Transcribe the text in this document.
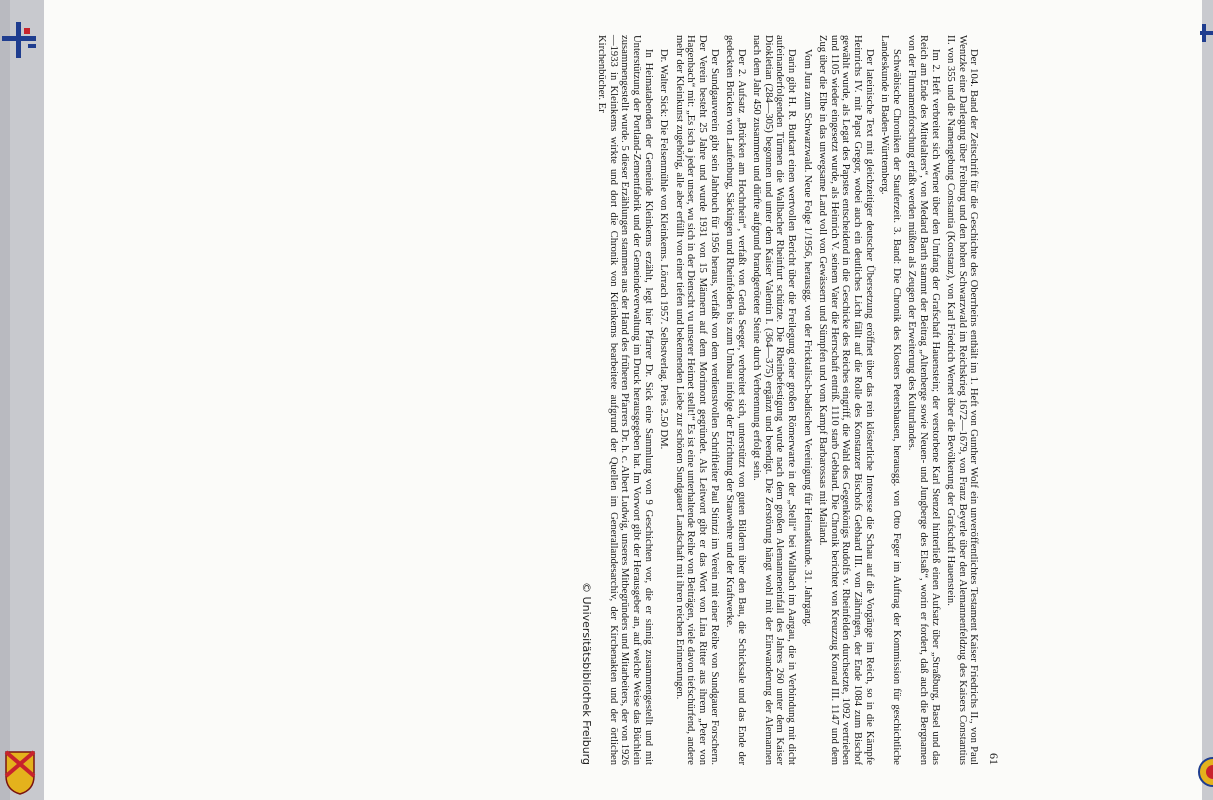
61

Der 104. Band der Zeitschrift für die Geschichte des Oberrheins enthält im 1. Heft von Gunther Wolf ein unveröffentlichtes Testament Kaiser Friedrichs II., von Paul Wentzke eine Darlegung über Freiburg und den hohen Schwarzwald im Reichskrieg 1672—1679, von Franz Beyerle über den Alemannenfeldzug des Kaisers Constantius II. von 355 und die Namengebung Constantia (Konstanz), von Karl Friedrich Wernet über die Bevölkerung der Grafschaft Hauenstein.

Im 2. Heft verbreitet sich Wernet über den Umfang der Grafschaft Hauenstein; der verstorbene Karl Stenzel hinterließ einen Aufsatz über „Straßburg, Basel und das Reich am Ende des Mittelalters“, von Medard Barth stammt der Beitrag „Altenberge sowie Neuen- und Jungberge des Elsaß“, worin er fordert, daß auch die Bergnamen von der Flurnamenforschung erfaßt werden müßten als Zeugen der Erweiterung des Kulturlandes.

Schwäbische Chroniken der Stauferzeit. 3. Band: Die Chronik des Klosters Petershausen, herausgg. von Otto Feger im Auftrag der Kommission für geschichtliche Landeskunde in Baden-Württemberg.

Der lateinische Text mit gleichzeitiger deutscher Übersetzung eröffnet über das rein klösterliche Interesse die Schau auf die Vorgänge im Reich, so in die Kämpfe Heinrichs IV. mit Papst Gregor, wobei auch ein deutliches Licht fällt auf die Rolle des Konstanzer Bischofs Gebhard III. von Zähringen, der Ende 1084 zum Bischof gewählt wurde, als Legat des Papstes entscheidend in die Geschicke des Reiches eingriff, die Wahl des Gegenkönigs Rudolfs v. Rheinfelden durchsetzte, 1092 vertrieben und 1105 wieder eingesetzt wurde, als Heinrich V. seinem Vater die Herrschaft entriß. 1110 starb Gebhard. Die Chronik berichtet von Kreuzzug Konrad III. 1147 und dem Zug über die Elbe in das unwegsame Land voll von Gewässern und Sümpfen und vom Kampf Barbarossas mit Mailand.

Vom Jura zum Schwarzwald. Neue Folge 1/1956, herausgg. von der Fricktalisch-badischen Vereinigung für Heimatkunde. 31. Jahrgang.

Darin gibt H. R. Burkart einen wertvollen Bericht über die Freilegung einer großen Römerwarte in der „Stelli“ bei Wallbach im Aargau, die in Verbindung mit dicht aufeinanderfolgenden Türmen die Wallbacher Rheinfurt schützte. Die Rheinbefestigung wurde nach dem großen Alemanneneinfall des Jahres 260 unter dem Kaiser Diokletian (284—305) begonnen und unter dem Kaiser Valentin I. (364—375) ergänzt und beendigt. Die Zerstörung hängt wohl mit der Einwanderung der Alemannen nach dem Jahr 450 zusammen und dürfte aufgrund brandgeröteter Steine durch Verbrennung erfolgt sein.

Der 2. Aufsatz „Brücken am Hochrhein“, verfaßt von Gerda Seeger, verbreitet sich, unterstützt von guten Bildern über den Bau, die Schicksale und das Ende der gedeckten Brücken von Laufenburg, Säckingen und Rheinfelden bis zum Umbau infolge der Errichtung der Stauwehre und der Kraftwerke.

Der Sundgauverein gibt sein Jahrbuch für 1956 heraus, verfaßt von dem verdienstvollen Schriftleiter Paul Stintzi im Verein mit einer Reihe von Sundgauer Forschern. Der Verein besteht 25 Jahre und wurde 1931 von 15 Männern auf dem Morimont gegründet. Als Leitwort gibt er das Wort von Lina Ritter aus ihrem „Peter von Hagenbach“ mit: „Es isch a jeder unser, wu sich in der Dienscht vu unserer Heimet stellt!“ Es ist eine unterhaltende Reihe von Beiträgen, viele davon tiefschürfend, andere mehr der Kleinkunst zugehörig, alle aber erfüllt von einer tiefen und bekennenden Liebe zur schönen Sundgauer Landschaft mit ihren reichen Erinnerungen.

Dr. Walter Sick: Die Felsenmühle von Kleinkems. Lörrach 1957. Selbstverlag. Preis 2.50 DM.

In Heimatabenden der Gemeinde Kleinkems erzählt, legt hier Pfarrer Dr. Sick eine Sammlung von 9 Geschichten vor, die er sinnig zusammengestellt und mit Unterstützung der Portland-Zementfabrik und der Gemeindeverwaltung im Druck herausgegeben hat. Im Vorwort gibt der Herausgeber an, auf welche Weise das Büchlein zusammengestellt wurde. 5 dieser Erzählungen stammen aus der Hand des früheren Pfarrers Dr. h. c. Albert Ludwig, unseres Mitbegründers und Mitarbeiters, der von 1926—1933 in Kleinkems wirkte und dort die Chronik von Kleinkems bearbeitete aufgrund der Quellen im Generallandesarchiv, der Kirchenakten und der örtlichen Kirchenbücher. Er

© Universitätsbibliothek Freiburg
